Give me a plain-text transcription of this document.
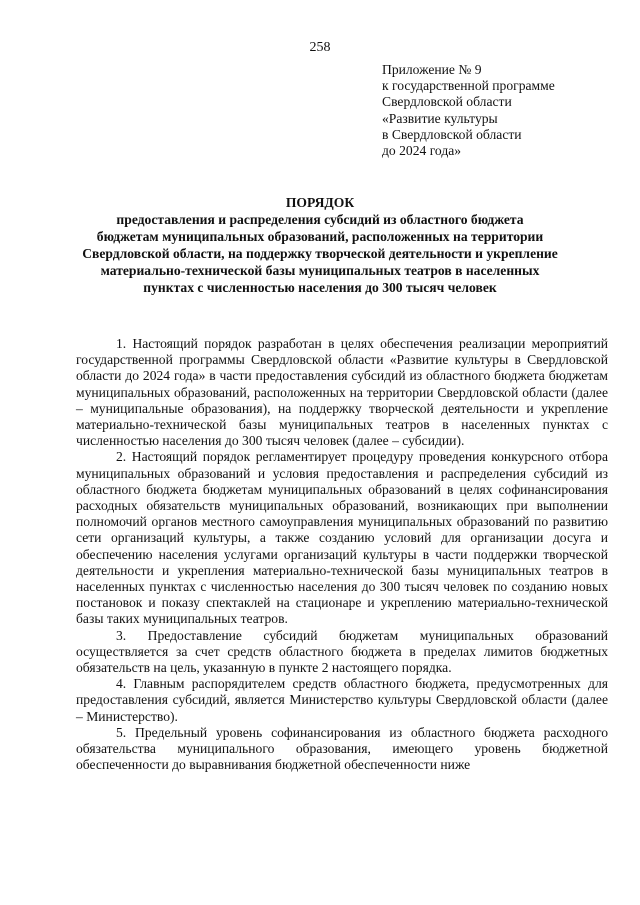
258
Приложение № 9
к государственной программе
Свердловской области
«Развитие культуры
в Свердловской области
до 2024 года»
ПОРЯДОК
предоставления и распределения субсидий из областного бюджета
бюджетам муниципальных образований, расположенных на территории
Свердловской области, на поддержку творческой деятельности и укрепление
материально-технической базы муниципальных театров в населенных
пунктах с численностью населения до 300 тысяч человек

1. Настоящий порядок разработан в целях обеспечения реализации мероприятий государственной программы Свердловской области «Развитие культуры в Свердловской области до 2024 года» в части предоставления субсидий из областного бюджета бюджетам муниципальных образований, расположенных на территории Свердловской области (далее – муниципальные образования), на поддержку творческой деятельности и укрепление материально-технической базы муниципальных театров в населенных пунктах с численностью населения до 300 тысяч человек (далее – субсидии).

2. Настоящий порядок регламентирует процедуру проведения конкурсного отбора муниципальных образований и условия предоставления и распределения субсидий из областного бюджета бюджетам муниципальных образований в целях софинансирования расходных обязательств муниципальных образований, возникающих при выполнении полномочий органов местного самоуправления муниципальных образований по развитию сети организаций культуры, а также созданию условий для организации досуга и обеспечению населения услугами организаций культуры в части поддержки творческой деятельности и укрепления материально-технической базы муниципальных театров в населенных пунктах с численностью населения до 300 тысяч человек по созданию новых постановок и показу спектаклей на стационаре и укреплению материально-технической базы таких муниципальных театров.

3. Предоставление субсидий бюджетам муниципальных образований осуществляется за счет средств областного бюджета в пределах лимитов бюджетных обязательств на цель, указанную в пункте 2 настоящего порядка.

4. Главным распорядителем средств областного бюджета, предусмотренных для предоставления субсидий, является Министерство культуры Свердловской области (далее – Министерство).

5. Предельный уровень софинансирования из областного бюджета расходного обязательства муниципального образования, имеющего уровень бюджетной обеспеченности до выравнивания бюджетной обеспеченности ниже
